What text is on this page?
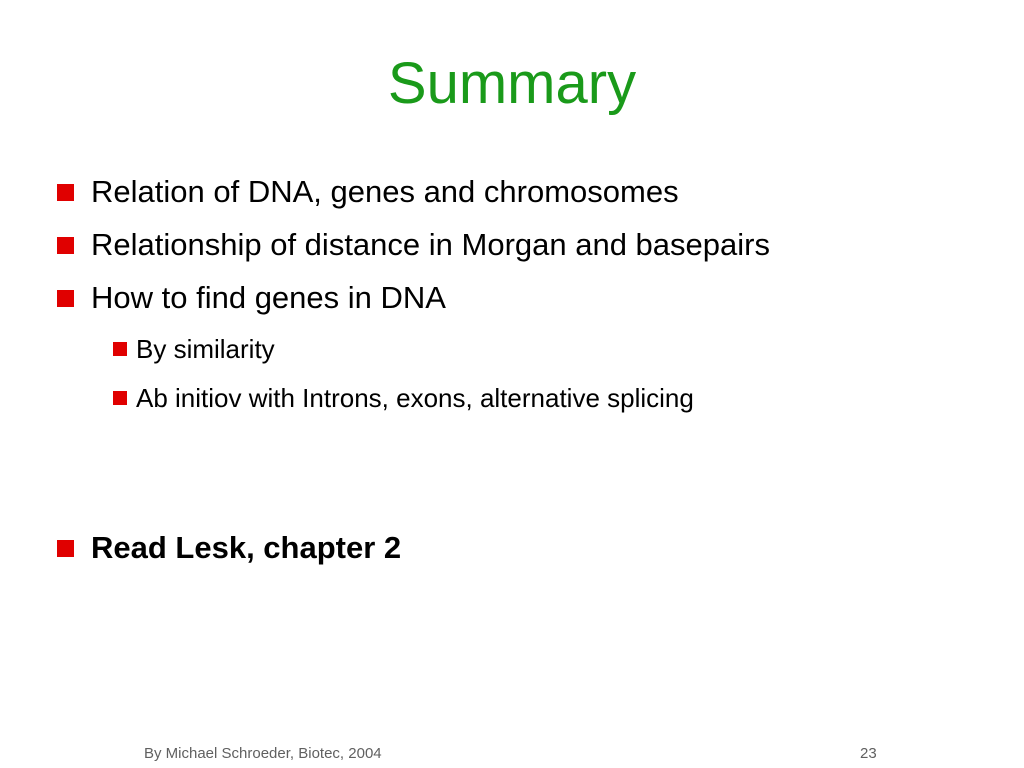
Summary
Relation of DNA, genes and chromosomes
Relationship of distance in Morgan and basepairs
How to find genes in DNA
By similarity
Ab initiov with Introns, exons, alternative splicing
Read Lesk, chapter 2
By Michael Schroeder, Biotec, 2004	23
